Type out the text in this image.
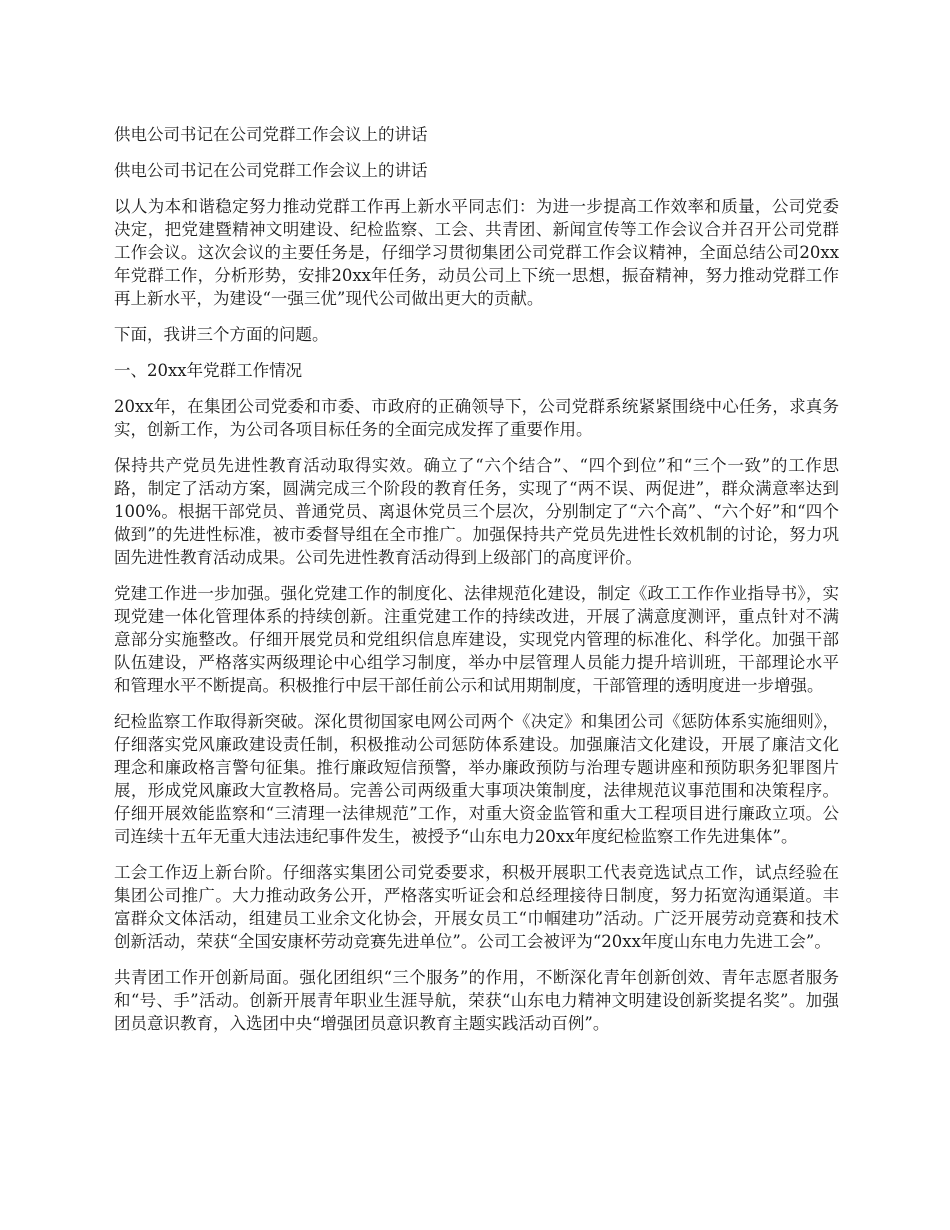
供电公司书记在公司党群工作会议上的讲话
供电公司书记在公司党群工作会议上的讲话

以人为本和谐稳定努力推动党群工作再上新水平同志们：为进一步提高工作效率和质量，公司党委决定，把党建暨精神文明建设、纪检监察、工会、共青团、新闻宣传等工作会议合并召开公司党群工作会议。这次会议的主要任务是，仔细学习贯彻集团公司党群工作会议精神，全面总结公司20xx年党群工作，分析形势，安排20xx年任务，动员公司上下统一思想，振奋精神，努力推动党群工作再上新水平，为建设“一强三优”现代公司做出更大的贡献。

下面，我讲三个方面的问题。

一、20xx年党群工作情况

20xx年，在集团公司党委和市委、市政府的正确领导下，公司党群系统紧紧围绕中心任务，求真务实，创新工作，为公司各项目标任务的全面完成发挥了重要作用。

保持共产党员先进性教育活动取得实效。确立了“六个结合”、“四个到位”和“三个一致”的工作思路，制定了活动方案，圆满完成三个阶段的教育任务，实现了“两不误、两促进”，群众满意率达到100%。根据干部党员、普通党员、离退休党员三个层次，分别制定了“六个高”、“六个好”和“四个做到”的先进性标准，被市委督导组在全市推广。加强保持共产党员先进性长效机制的讨论，努力巩固先进性教育活动成果。公司先进性教育活动得到上级部门的高度评价。

党建工作进一步加强。强化党建工作的制度化、法律规范化建设，制定《政工工作作业指导书》，实现党建一体化管理体系的持续创新。注重党建工作的持续改进，开展了满意度测评，重点针对不满意部分实施整改。仔细开展党员和党组织信息库建设，实现党内管理的标准化、科学化。加强干部队伍建设，严格落实两级理论中心组学习制度，举办中层管理人员能力提升培训班，干部理论水平和管理水平不断提高。积极推行中层干部任前公示和试用期制度，干部管理的透明度进一步增强。

纪检监察工作取得新突破。深化贯彻国家电网公司两个《决定》和集团公司《惩防体系实施细则》，仔细落实党风廉政建设责任制，积极推动公司惩防体系建设。加强廉洁文化建设，开展了廉洁文化理念和廉政格言警句征集。推行廉政短信预警，举办廉政预防与治理专题讲座和预防职务犯罪图片展，形成党风廉政大宣教格局。完善公司两级重大事项决策制度，法律规范议事范围和决策程序。仔细开展效能监察和“三清理一法律规范”工作，对重大资金监管和重大工程项目进行廉政立项。公司连续十五年无重大违法违纪事件发生，被授予“山东电力20xx年度纪检监察工作先进集体”。

工会工作迈上新台阶。仔细落实集团公司党委要求，积极开展职工代表竞选试点工作，试点经验在集团公司推广。大力推动政务公开，严格落实听证会和总经理接待日制度，努力拓宽沟通渠道。丰富群众文体活动，组建员工业余文化协会，开展女员工“巾帼建功”活动。广泛开展劳动竞赛和技术创新活动，荣获“全国安康杯劳动竞赛先进单位”。公司工会被评为“20xx年度山东电力先进工会”。

共青团工作开创新局面。强化团组织“三个服务”的作用，不断深化青年创新创效、青年志愿者服务和“号、手”活动。创新开展青年职业生涯导航，荣获“山东电力精神文明建设创新奖提名奖”。加强团员意识教育，入选团中央“增强团员意识教育主题实践活动百例”。
